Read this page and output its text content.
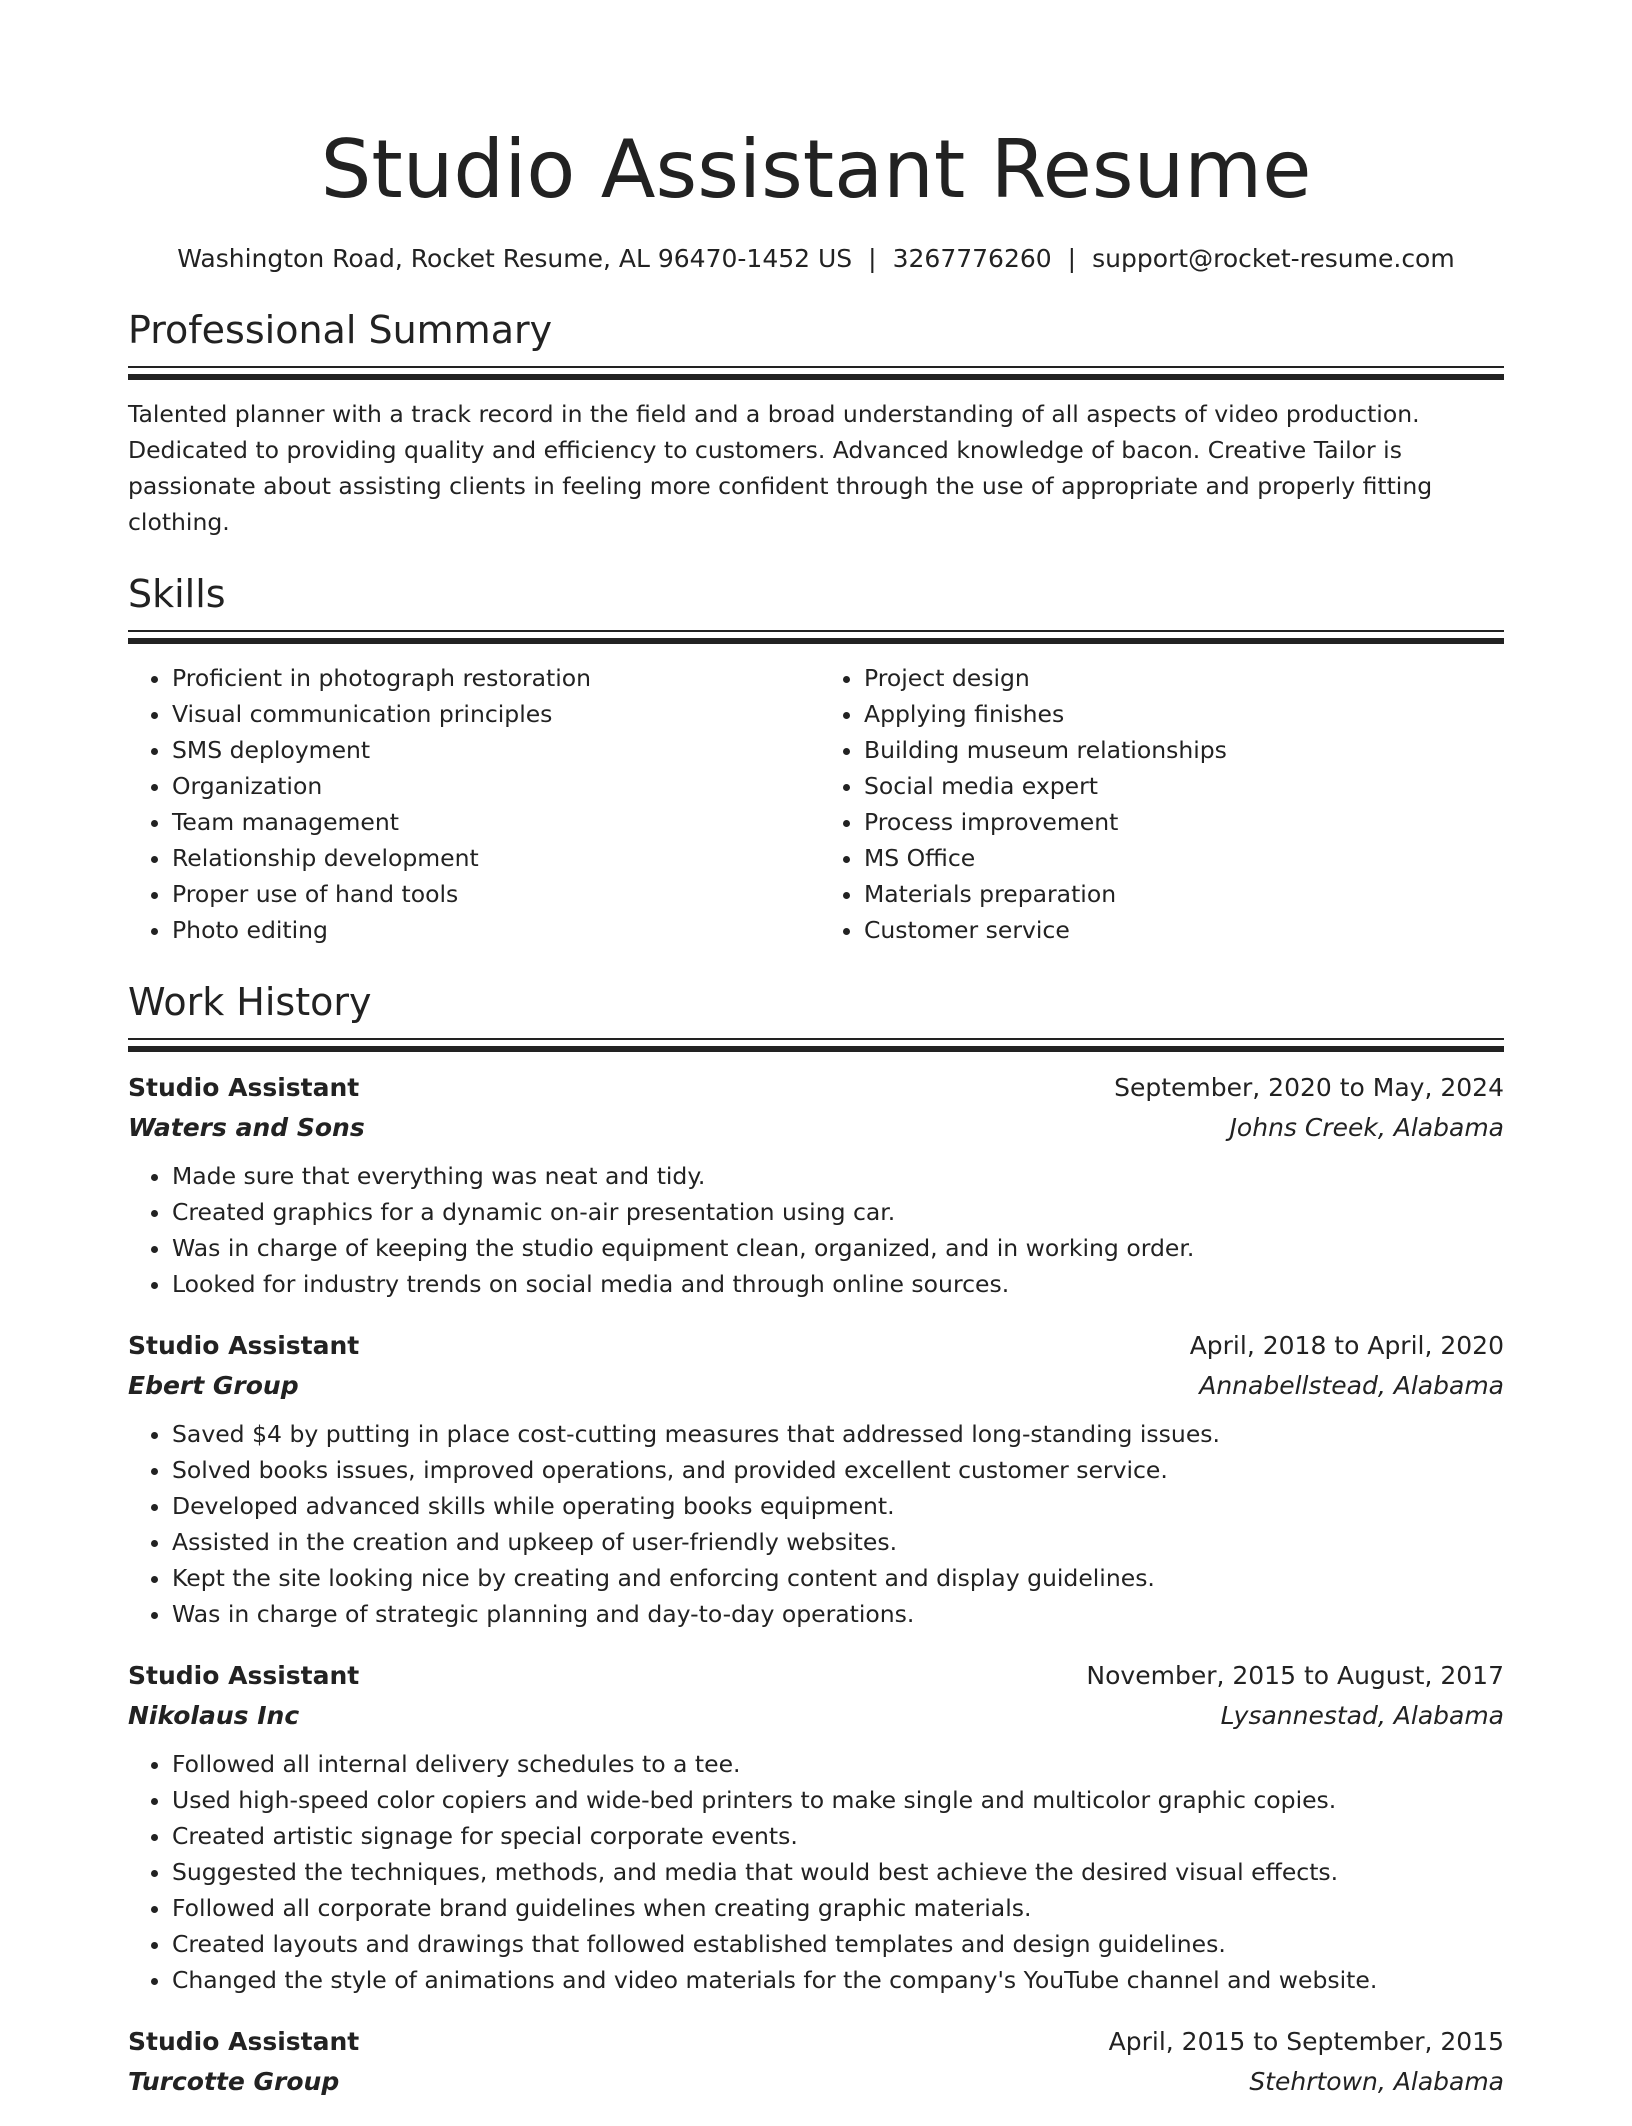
Studio Assistant Resume
Washington Road, Rocket Resume, AL 96470-1452 US | 3267776260 | support@rocket-resume.com
Professional Summary

Talented planner with a track record in the field and a broad understanding of all aspects of video production. Dedicated to providing quality and efficiency to customers. Advanced knowledge of bacon. Creative Tailor is passionate about assisting clients in feeling more confident through the use of appropriate and properly fitting clothing.

Skills
• Proficient in photograph restoration
• Visual communication principles
• SMS deployment
• Organization
• Team management
• Relationship development
• Proper use of hand tools
• Photo editing
• Project design
• Applying finishes
• Building museum relationships
• Social media expert
• Process improvement
• MS Office
• Materials preparation
• Customer service
Work History
Studio Assistant	September, 2020 to May, 2024
Waters and Sons	Johns Creek, Alabama
• Made sure that everything was neat and tidy.
• Created graphics for a dynamic on-air presentation using car.
• Was in charge of keeping the studio equipment clean, organized, and in working order.
• Looked for industry trends on social media and through online sources.
Studio Assistant	April, 2018 to April, 2020
Ebert Group	Annabellstead, Alabama
• Saved $4 by putting in place cost-cutting measures that addressed long-standing issues.
• Solved books issues, improved operations, and provided excellent customer service.
• Developed advanced skills while operating books equipment.
• Assisted in the creation and upkeep of user-friendly websites.
• Kept the site looking nice by creating and enforcing content and display guidelines.
• Was in charge of strategic planning and day-to-day operations.
Studio Assistant	November, 2015 to August, 2017
Nikolaus Inc	Lysannestad, Alabama
• Followed all internal delivery schedules to a tee.
• Used high-speed color copiers and wide-bed printers to make single and multicolor graphic copies.
• Created artistic signage for special corporate events.
• Suggested the techniques, methods, and media that would best achieve the desired visual effects.
• Followed all corporate brand guidelines when creating graphic materials.
• Created layouts and drawings that followed established templates and design guidelines.
• Changed the style of animations and video materials for the company's YouTube channel and website.
Studio Assistant	April, 2015 to September, 2015
Turcotte Group	Stehrtown, Alabama
